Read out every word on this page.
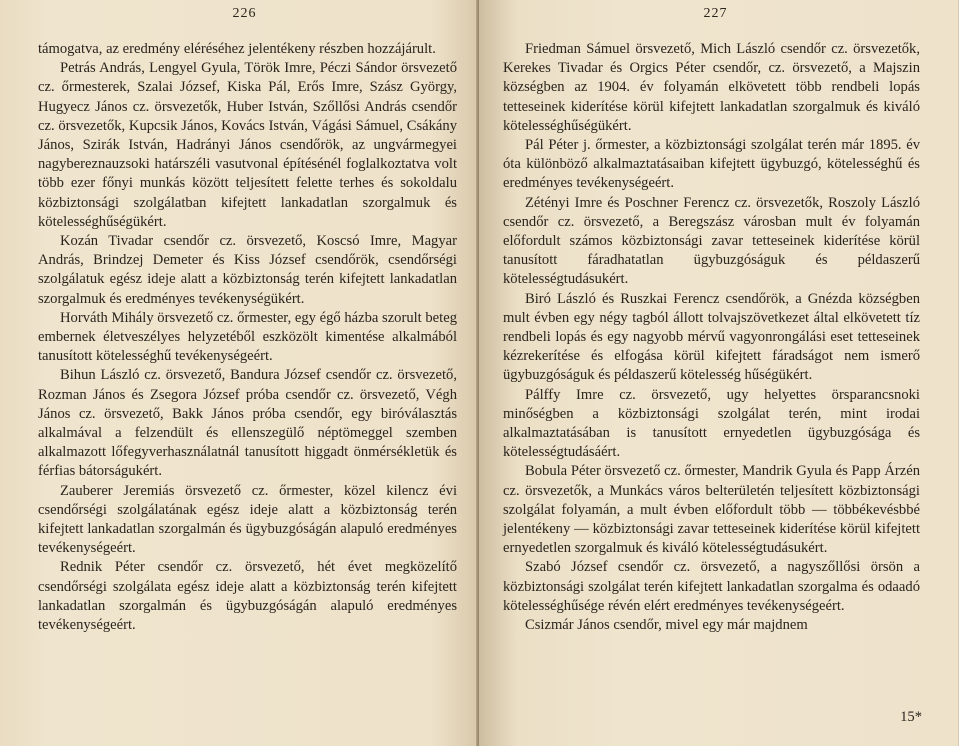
226

támogatva, az eredmény eléréséhez jelentékeny részben hozzájárult.

Petrás András, Lengyel Gyula, Török Imre, Péczi Sándor örsvezető cz. őrmesterek, Szalai József, Kiska Pál, Erős Imre, Szász György, Hugyecz János cz. örsvezetők, Huber István, Szőllősi András csendőr cz. örsvezetők, Kupcsik János, Kovács István, Vágási Sámuel, Csákány János, Szirák István, Hadrányi János csendőrök, az ungvármegyei nagybereznauzsoki határszéli vasutvonal építésénél foglalkoztatva volt több ezer főnyi munkás között teljesített felette terhes és sokoldalu közbiztonsági szolgálatban kifejtett lankadatlan szorgalmuk és kötelességhűségükért.

Kozán Tivadar csendőr cz. örsvezető, Koscsó Imre, Magyar András, Brindzej Demeter és Kiss József csendőrök, csendőrségi szolgálatuk egész ideje alatt a közbiztonság terén kifejtett lankadatlan szorgalmuk és eredményes tevékenységükért.

Horváth Mihály örsvezető cz. őrmester, egy égő házba szorult beteg embernek életveszélyes helyzetéből eszközölt kimentése alkalmából tanusított kötelességhű tevékenységeért.

Bihun László cz. örsvezető, Bandura József csendőr cz. örsvezető, Rozman János és Zsegora József próba csendőr cz. örsvezető, Végh János cz. örsvezető, Bakk János próba csendőr, egy biróválasztás alkalmával a felzendült és ellenszegülő néptömeggel szemben alkalmazott lőfegyverhasználatnál tanusított higgadt önmérsékletük és férfias bátorságukért.

Zauberer Jeremiás örsvezető cz. őrmester, közel kilencz évi csendőrségi szolgálatának egész ideje alatt a közbiztonság terén kifejtett lankadatlan szorgalmán és ügybuzgóságán alapuló eredményes tevékenységeért.

Rednik Péter csendőr cz. örsvezető, hét évet megközelítő csendőrségi szolgálata egész ideje alatt a közbiztonság terén kifejtett lankadatlan szorgalmán és ügybuzgóságán alapuló eredményes tevékenységeért.

227

Friedman Sámuel örsvezető, Mich László csendőr cz. örsvezetők, Kerekes Tivadar és Orgics Péter csendőr, cz. örsvezető, a Majszin községben az 1904. év folyamán elkövetett több rendbeli lopás tetteseinek kiderítése körül kifejtett lankadatlan szorgalmuk és kiváló kötelességhűségükért.

Pál Péter j. őrmester, a közbiztonsági szolgálat terén már 1895. év óta különböző alkalmaztatásaiban kifejtett ügybuzgó, kötelességhű és eredményes tevékenységeért.

Zétényi Imre és Poschner Ferencz cz. örsvezetők, Roszoly László csendőr cz. örsvezető, a Beregszász városban mult év folyamán előfordult számos közbiztonsági zavar tetteseinek kiderítése körül tanusított fáradhatatlan ügybuzgóságuk és példaszerű kötelességtudásukért.

Biró László és Ruszkai Ferencz csendőrök, a Gnézda községben mult évben egy négy tagból állott tolvajszövetkezet által elkövetett tíz rendbeli lopás és egy nagyobb mérvű vagyonrongálási eset tetteseinek kézrekerítése és elfogása körül kifejtett fáradságot nem ismerő ügybuzgóságuk és példaszerű kötelesség hűségükért.

Pálffy Imre cz. örsvezető, ugy helyettes örsparancsnoki minőségben a közbiztonsági szolgálat terén, mint irodai alkalmaztatásában is tanusított ernyedetlen ügybuzgósága és kötelességtudásáért.

Bobula Péter örsvezető cz. őrmester, Mandrik Gyula és Papp Árzén cz. örsvezetők, a Munkács város belterületén teljesített közbiztonsági szolgálat folyamán, a mult évben előfordult több — többékevésbbé jelentékeny — közbiztonsági zavar tetteseinek kiderítése körül kifejtett ernyedetlen szorgalmuk és kiváló kötelességtudásukért.

Szabó József csendőr cz. örsvezető, a nagyszőllősi örsön a közbiztonsági szolgálat terén kifejtett lankadatlan szorgalma és odaadó kötelességhűsége révén elért eredményes tevékenységeért.

Csizmár János csendőr, mivel egy már majdnem

15*
